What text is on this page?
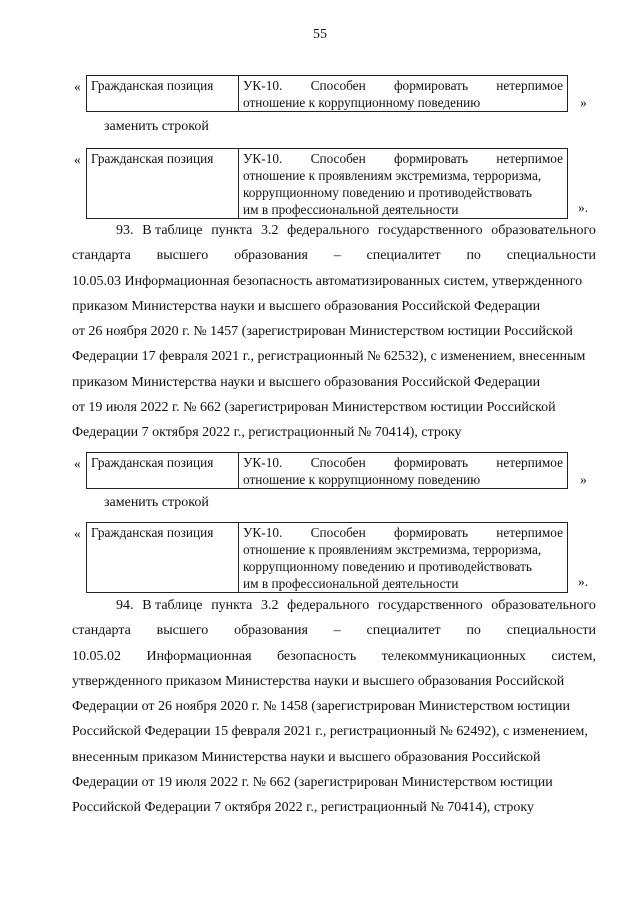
55
« Гражданская позиция	УК-10. Способен формировать нетерпимое
отношение к коррупционному поведению	»
заменить строкой
« Гражданская позиция	УК-10. Способен формировать нетерпимое
отношение к проявлениям экстремизма, терроризма,
коррупционному поведению и противодействовать
им в профессиональной деятельности	».
93. В таблице пункта 3.2 федерального государственного образовательного
стандарта высшего образования – специалитет по специальности
10.05.03 Информационная безопасность автоматизированных систем, утвержденного
приказом Министерства науки и высшего образования Российской Федерации
от 26 ноября 2020 г. № 1457 (зарегистрирован Министерством юстиции Российской
Федерации 17 февраля 2021 г., регистрационный № 62532), с изменением, внесенным
приказом Министерства науки и высшего образования Российской Федерации
от 19 июля 2022 г. № 662 (зарегистрирован Министерством юстиции Российской
Федерации 7 октября 2022 г., регистрационный № 70414), строку
« Гражданская позиция	УК-10. Способен формировать нетерпимое
отношение к коррупционному поведению	»
заменить строкой
« Гражданская позиция	УК-10. Способен формировать нетерпимое
отношение к проявлениям экстремизма, терроризма,
коррупционному поведению и противодействовать
им в профессиональной деятельности	».
94. В таблице пункта 3.2 федерального государственного образовательного
стандарта высшего образования – специалитет по специальности
10.05.02 Информационная безопасность телекоммуникационных систем,
утвержденного приказом Министерства науки и высшего образования Российской
Федерации от 26 ноября 2020 г. № 1458 (зарегистрирован Министерством юстиции
Российской Федерации 15 февраля 2021 г., регистрационный № 62492), с изменением,
внесенным приказом Министерства науки и высшего образования Российской
Федерации от 19 июля 2022 г. № 662 (зарегистрирован Министерством юстиции
Российской Федерации 7 октября 2022 г., регистрационный № 70414), строку
